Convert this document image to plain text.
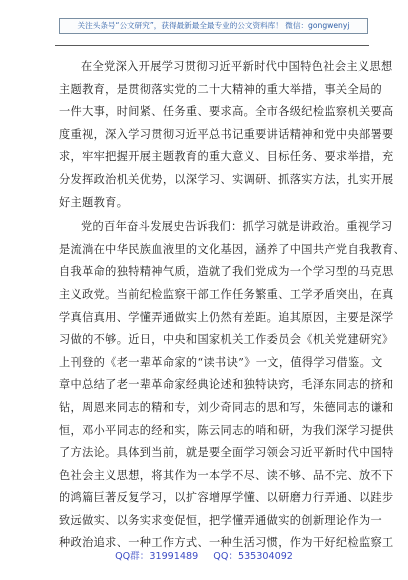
关注头条号“公文研究”，获得最新最全最专业的公文资料库！ 微信：gongwenyj

在全党深入开展学习贯彻习近平新时代中国特色社会主义思想
主题教育，是贯彻落实党的二十大精神的重大举措，事关全局的
一件大事，时间紧、任务重、要求高。全市各级纪检监察机关要高
度重视，深入学习贯彻习近平总书记重要讲话精神和党中央部署要
求，牢牢把握开展主题教育的重大意义、目标任务、要求举措，充
分发挥政治机关优势，以深学习、实调研、抓落实方法，扎实开展
好主题教育。

党的百年奋斗发展史告诉我们：抓学习就是讲政治。重视学习
是流淌在中华民族血液里的文化基因，涵养了中国共产党自我教育、
自我革命的独特精神气质，造就了我们党成为一个学习型的马克思
主义政党。当前纪检监察干部工作任务繁重、工学矛盾突出，在真
学真信真用、学懂弄通做实上仍然有差距。追其原因，主要是深学
习做的不够。近日，中央和国家机关工作委员会《机关党建研究》
上刊登的《老一辈革命家的“读书诀”》一文，值得学习借鉴。文
章中总结了老一辈革命家经典论述和独特诀窍，毛泽东同志的挤和
钻，周恩来同志的精和专，刘少奇同志的思和写，朱德同志的谦和
恒，邓小平同志的经和实，陈云同志的哨和研，为我们深学习提供
了方法论。具体到当前，就是要全面学习领会习近平新时代中国特
色社会主义思想，将其作为一本学不尽、读不够、品不完、放不下
的鸿篇巨著反复学习，以扩容增厚学懂、以研磨力行弄通、以跬步
致远做实、以务实求变促恒，把学懂弄通做实的创新理论作为一
种政治追求、一种工作方式、一种生活习惯，作为干好纪检监察工

QQ群：31991489 QQ：535304092
